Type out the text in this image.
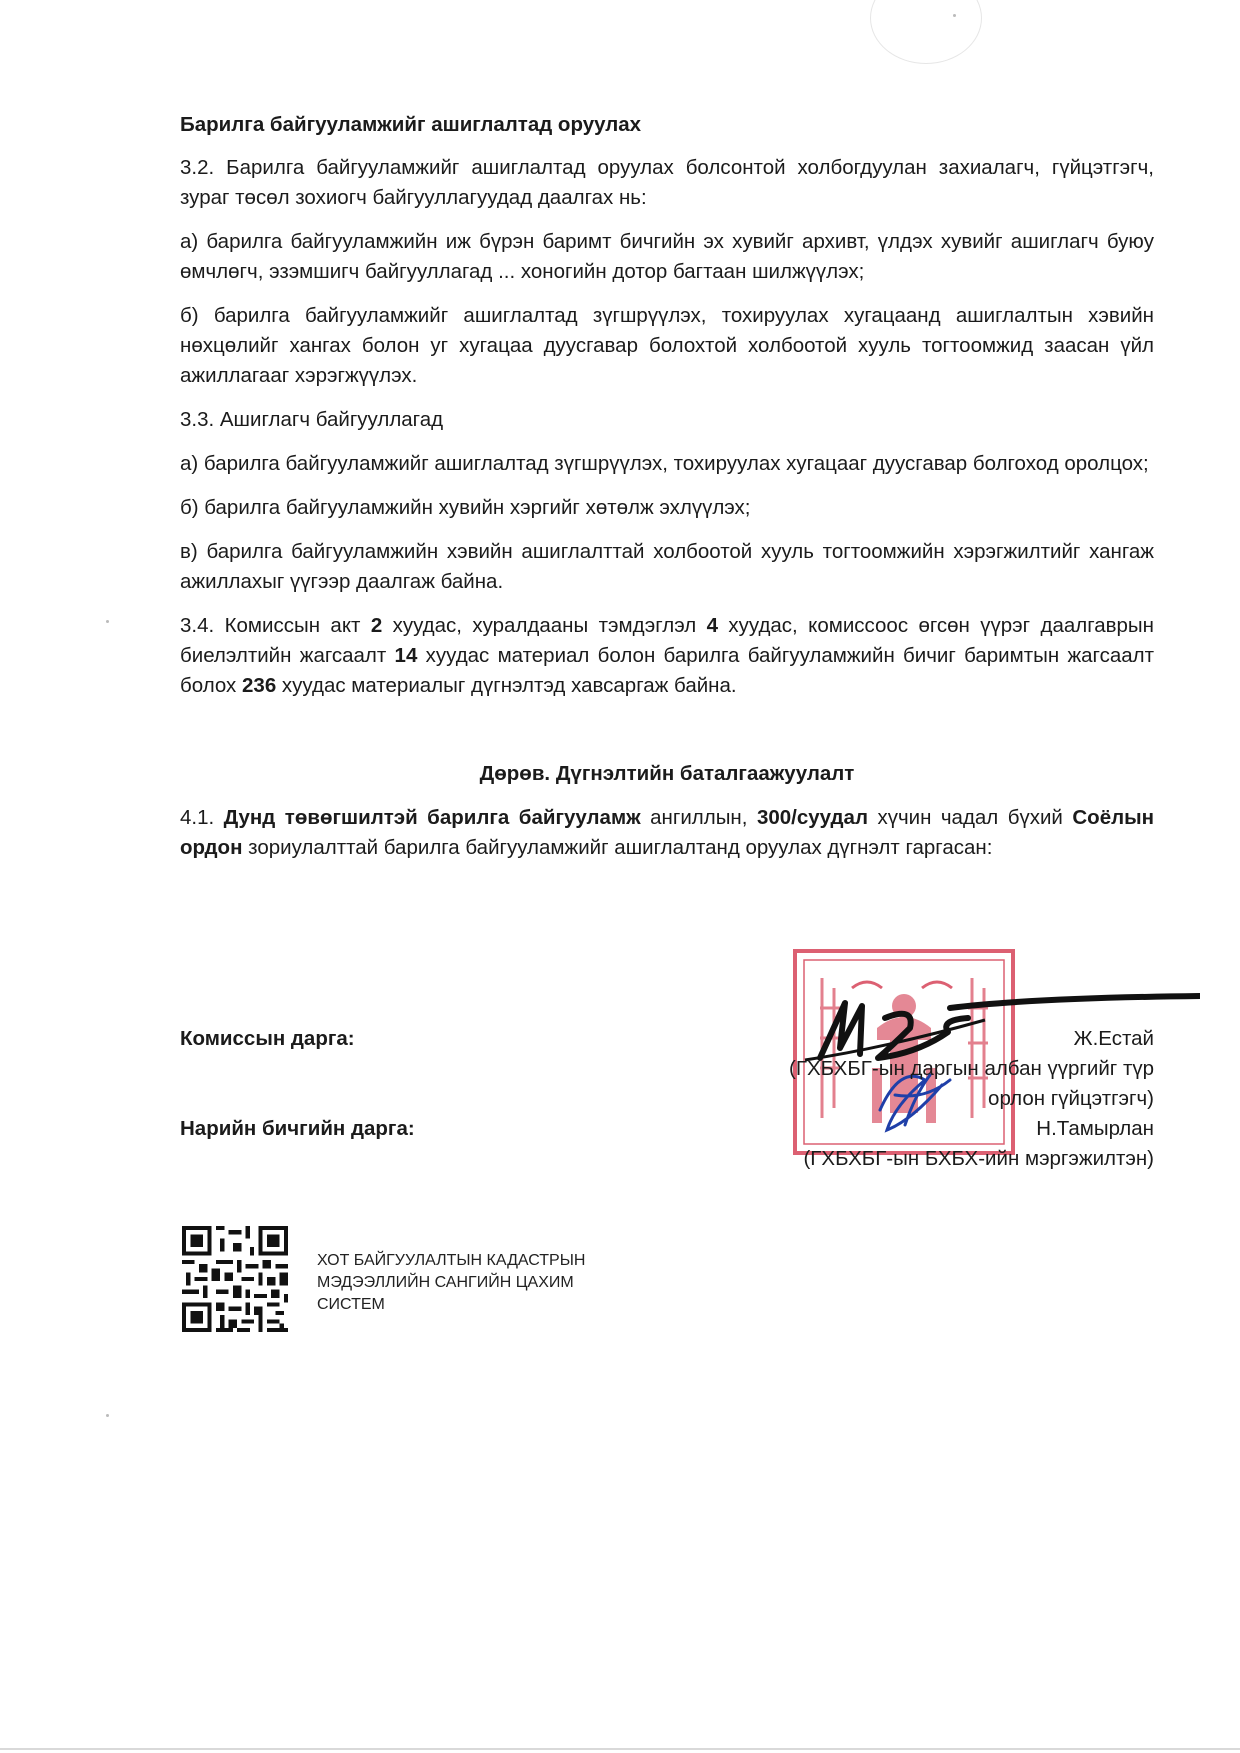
Барилга байгууламжийг ашиглалтад оруулах

3.2. Барилга байгууламжийг ашиглалтад оруулах болсонтой холбогдуулан захиалагч, гүйцэтгэгч, зураг төсөл зохиогч байгууллагуудад даалгах нь:

а) барилга байгууламжийн иж бүрэн баримт бичгийн эх хувийг архивт, үлдэх хувийг ашиглагч буюу өмчлөгч, эзэмшигч байгууллагад ... хоногийн дотор багтаан шилжүүлэх;

б) барилга байгууламжийг ашиглалтад зүгшрүүлэх, тохируулах хугацаанд ашиглалтын хэвийн нөхцөлийг хангах болон уг хугацаа дуусгавар болохтой холбоотой хууль тогтоомжид заасан үйл ажиллагааг хэрэгжүүлэх.

3.3. Ашиглагч байгууллагад

а) барилга байгууламжийг ашиглалтад зүгшрүүлэх, тохируулах хугацааг дуусгавар болгоход оролцох;

б) барилга байгууламжийн хувийн хэргийг хөтөлж эхлүүлэх;

в) барилга байгууламжийн хэвийн ашиглалттай холбоотой хууль тогтоомжийн хэрэгжилтийг хангаж ажиллахыг үүгээр даалгаж байна.

3.4. Комиссын акт 2 хуудас, хуралдааны тэмдэглэл 4 хуудас, комиссоос өгсөн үүрэг даалгаврын биелэлтийн жагсаалт 14 хуудас материал болон барилга байгууламжийн бичиг баримтын жагсаалт болох 236 хуудас материалыг дүгнэлтэд хавсаргаж байна.

Дөрөв. Дүгнэлтийн баталгаажуулалт

4.1. Дунд төвөгшилтэй барилга байгууламж ангиллын, 300/суудал хүчин чадал бүхий Соёлын ордон зориулалттай барилга байгууламжийг ашиглалтанд оруулах дүгнэлт гаргасан:

Комиссын дарга:	Ж.Естай
(ГХБХБГ-ын даргын албан үүргийг түр
орлон гүйцэтгэгч)
Нарийн бичгийн дарга:	Н.Тамырлан
(ГХБХБГ-ын БХБХ-ийн мэргэжилтэн)
ХОТ БАЙГУУЛАЛТЫН КАДАСТРЫН
МЭДЭЭЛЛИЙН САНГИЙН ЦАХИМ
СИСТЕМ
